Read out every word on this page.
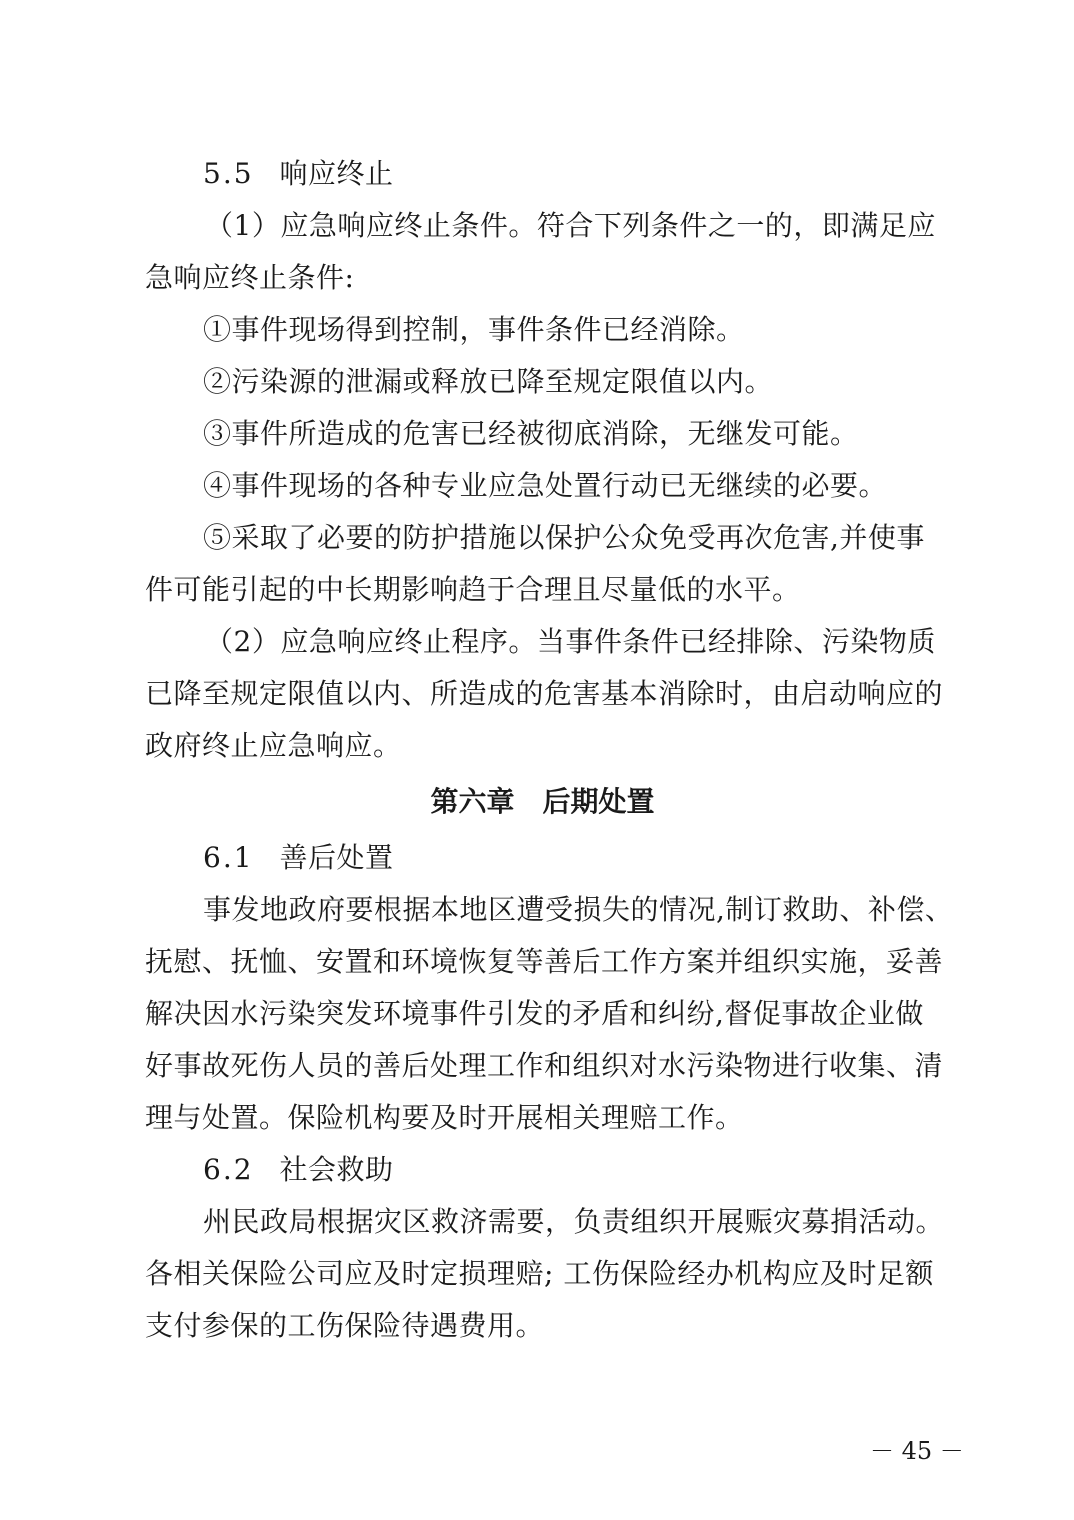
5.5 响应终止
（1）应急响应终止条件。符合下列条件之一的，即满足应
急响应终止条件:
①事件现场得到控制，事件条件已经消除。
②污染源的泄漏或释放已降至规定限值以内。
③事件所造成的危害已经被彻底消除，无继发可能。
④事件现场的各种专业应急处置行动已无继续的必要。
⑤采取了必要的防护措施以保护公众免受再次危害,并使事
件可能引起的中长期影响趋于合理且尽量低的水平。
（2）应急响应终止程序。当事件条件已经排除、污染物质
已降至规定限值以内、所造成的危害基本消除时，由启动响应的
政府终止应急响应。
第六章 后期处置
6.1 善后处置
事发地政府要根据本地区遭受损失的情况,制订救助、补偿、
抚慰、抚恤、安置和环境恢复等善后工作方案并组织实施，妥善
解决因水污染突发环境事件引发的矛盾和纠纷,督促事故企业做
好事故死伤人员的善后处理工作和组织对水污染物进行收集、清
理与处置。保险机构要及时开展相关理赔工作。
6.2 社会救助
州民政局根据灾区救济需要，负责组织开展赈灾募捐活动。
各相关保险公司应及时定损理赔; 工伤保险经办机构应及时足额
支付参保的工伤保险待遇费用。
－ 45 －
